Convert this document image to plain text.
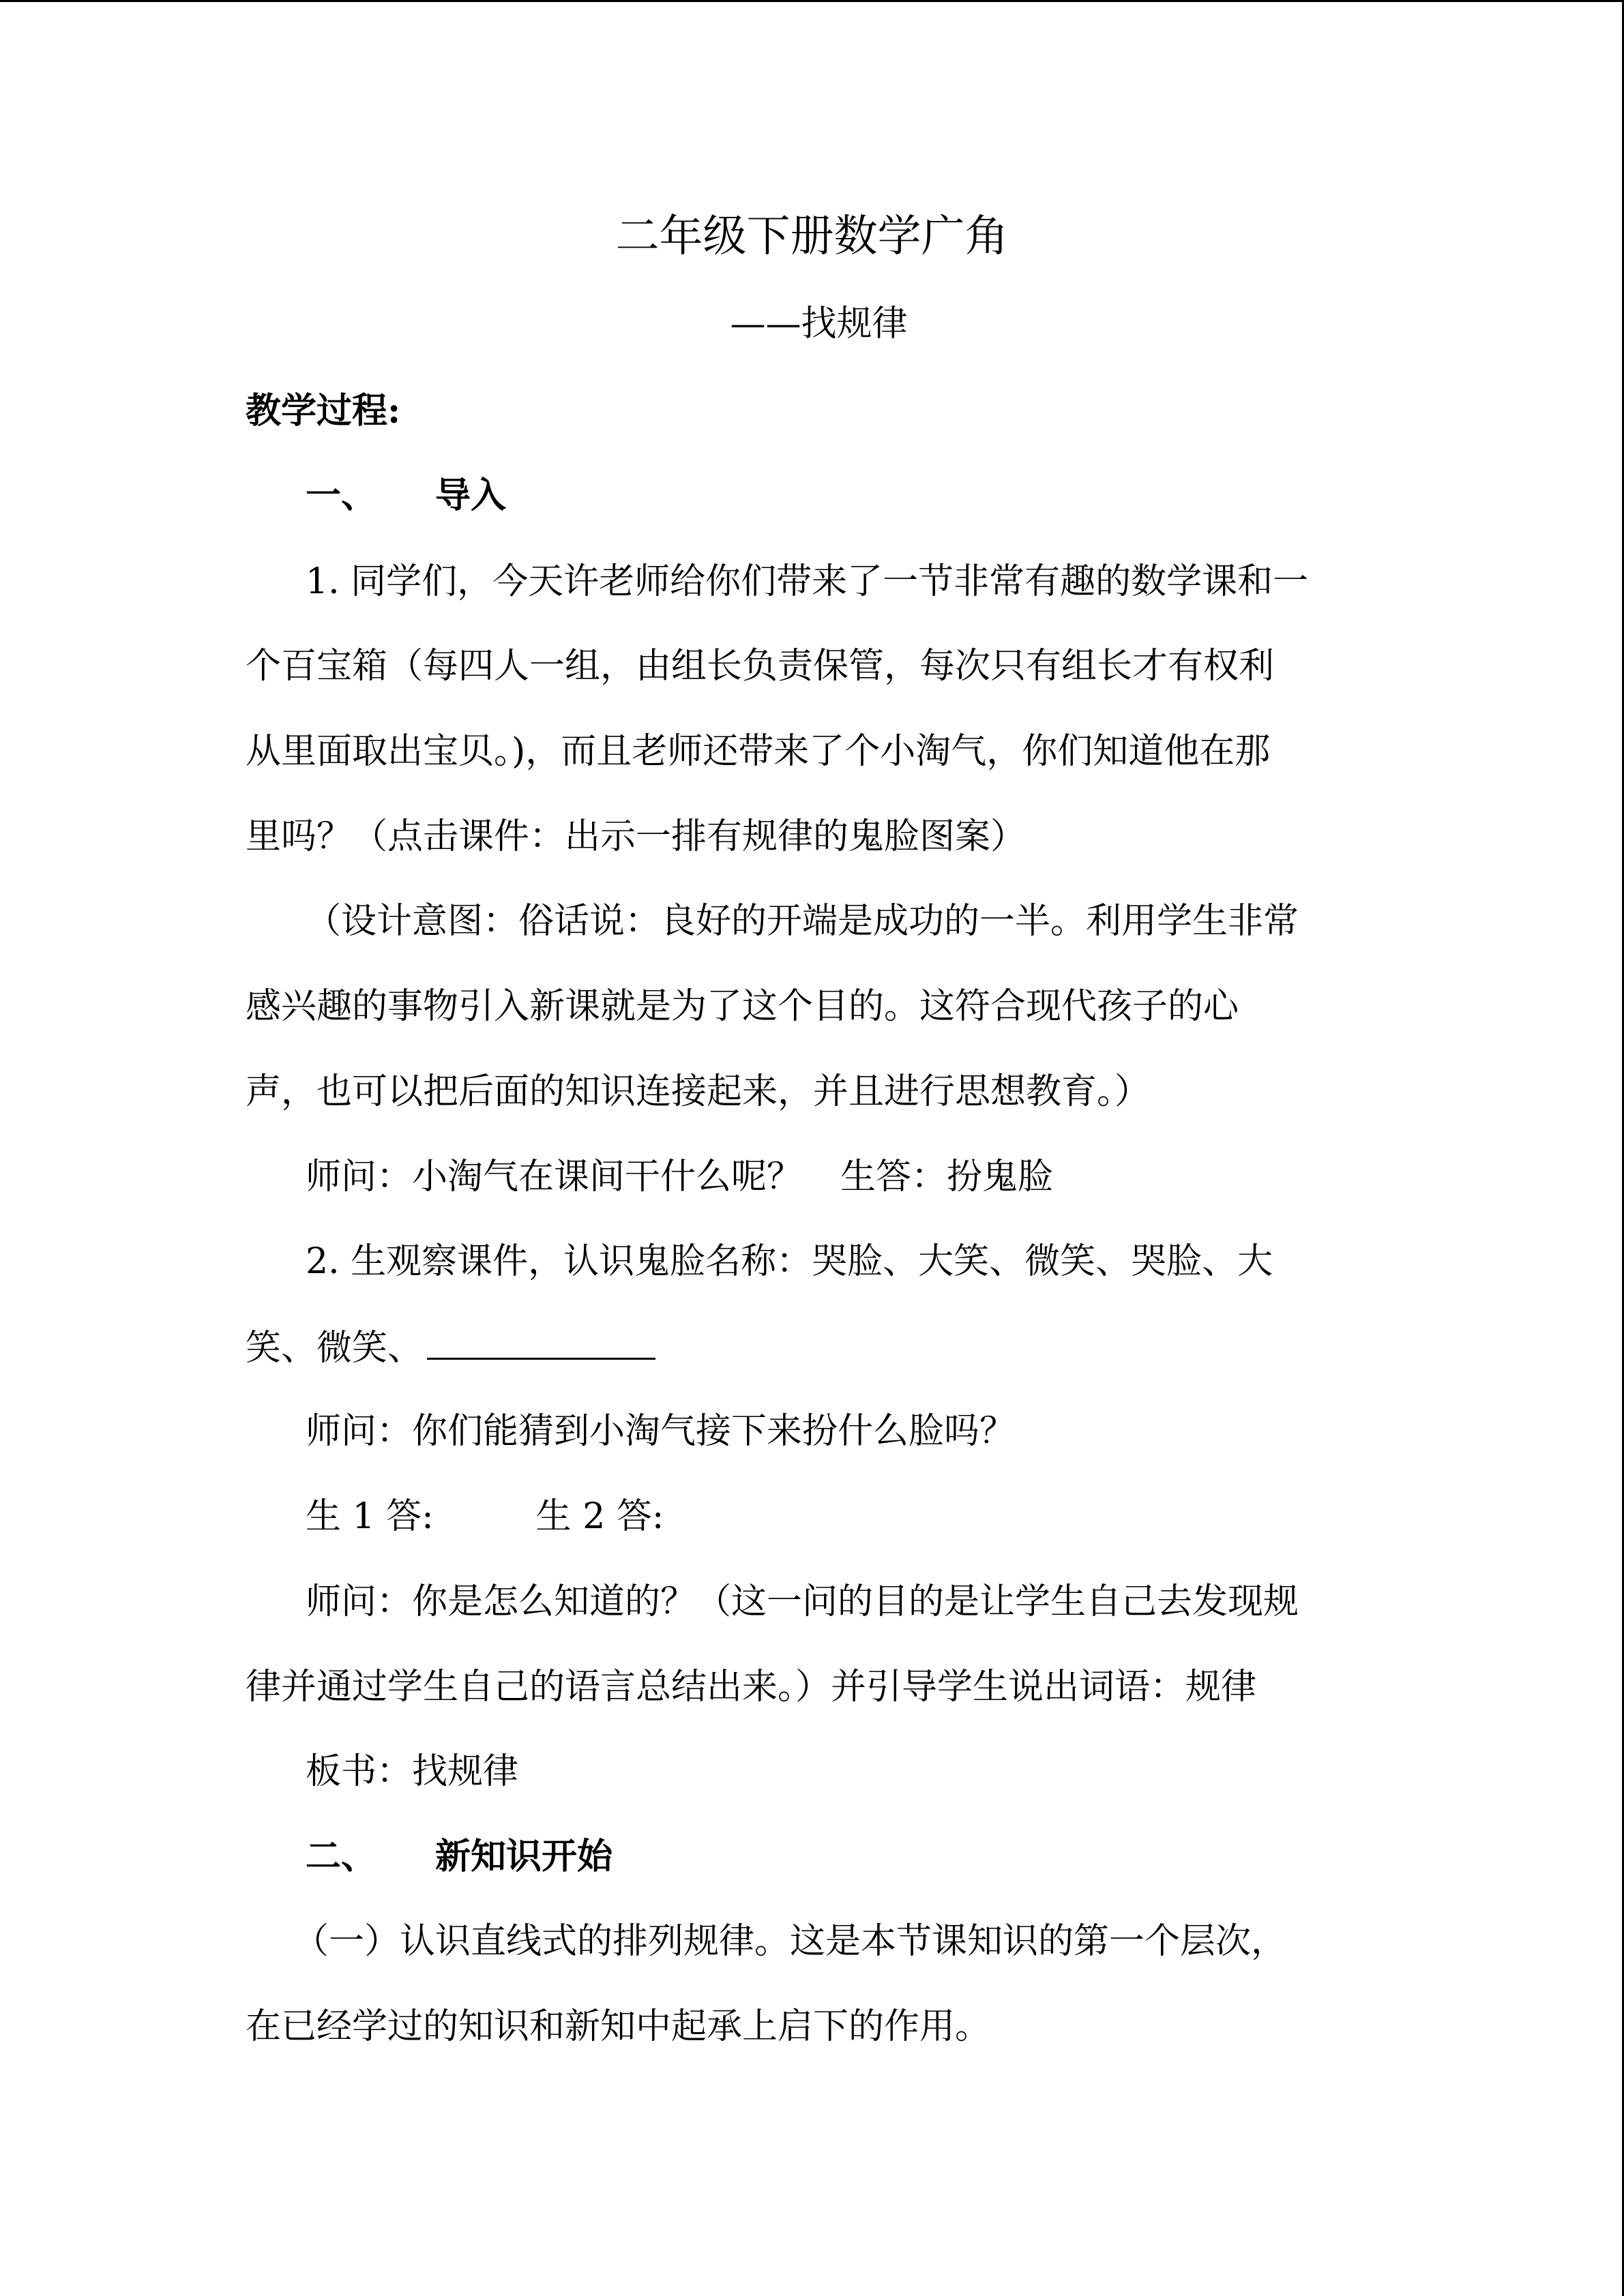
二年级下册数学广角
——找规律
教学过程:
一、 导入
1. 同学们，今天许老师给你们带来了一节非常有趣的数学课和一
个百宝箱（每四人一组，由组长负责保管，每次只有组长才有权利
从里面取出宝贝。)，而且老师还带来了个小淘气，你们知道他在那
里吗？（点击课件：出示一排有规律的鬼脸图案）
（设计意图：俗话说：良好的开端是成功的一半。利用学生非常
感兴趣的事物引入新课就是为了这个目的。这符合现代孩子的心
声，也可以把后面的知识连接起来，并且进行思想教育。）
师问：小淘气在课间干什么呢？ 生答：扮鬼脸
2. 生观察课件，认识鬼脸名称：哭脸、大笑、微笑、哭脸、大
笑、微笑、
师问：你们能猜到小淘气接下来扮什么脸吗？
生 1 答:	生 2 答:
师问：你是怎么知道的？（这一问的目的是让学生自己去发现规
律并通过学生自己的语言总结出来。）并引导学生说出词语：规律
板书：找规律
二、 新知识开始
（一）认识直线式的排列规律。这是本节课知识的第一个层次，
在已经学过的知识和新知中起承上启下的作用。
